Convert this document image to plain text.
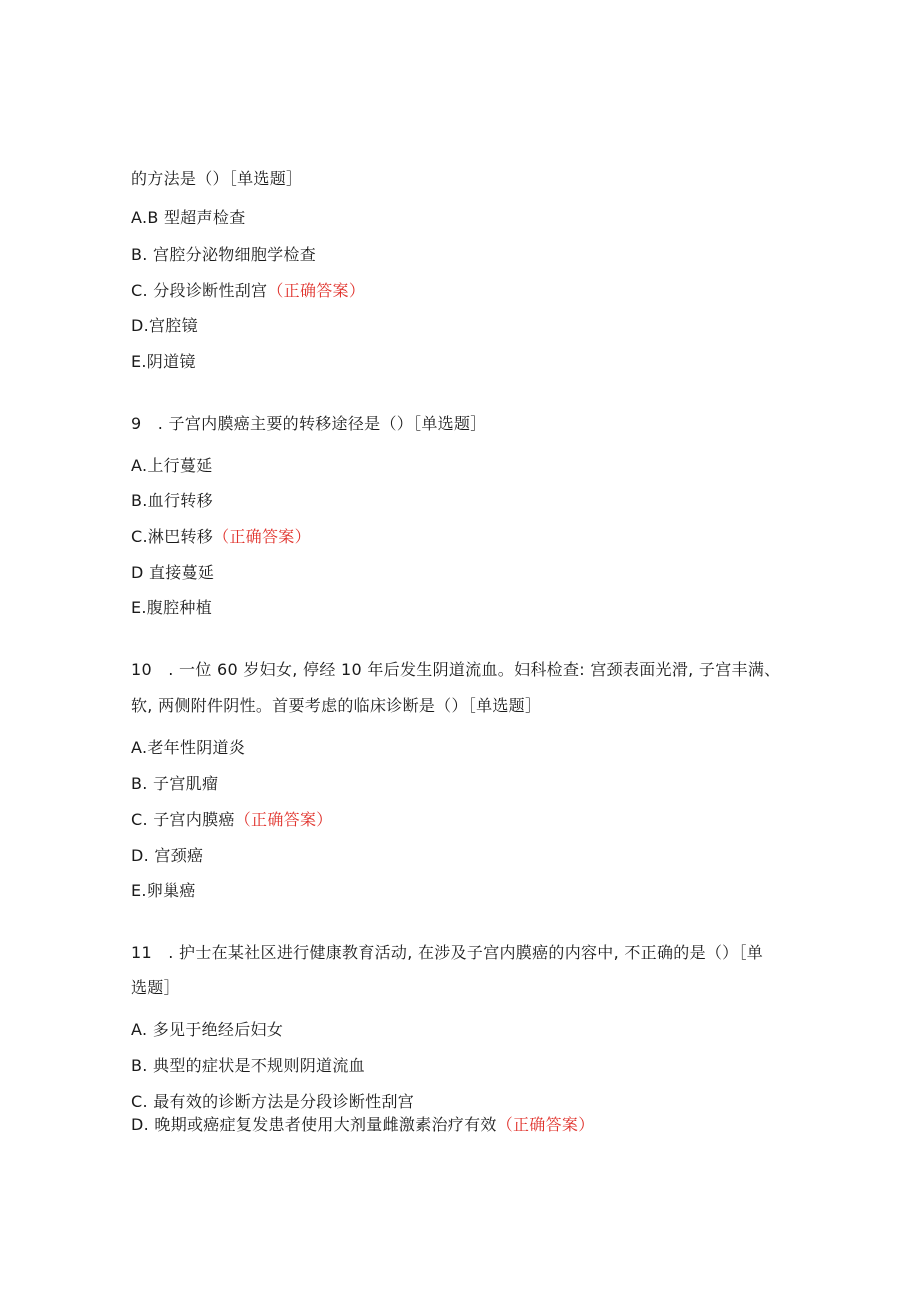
的方法是（）［单选题］
A.B 型超声检查
B. 宫腔分泌物细胞学检查
C. 分段诊断性刮宫（正确答案）
D.宫腔镜
E.阴道镜
9　. 子宫内膜癌主要的转移途径是（）［单选题］
A.上行蔓延
B.血行转移
C.淋巴转移（正确答案）
D 直接蔓延
E.腹腔种植
10　. 一位 60 岁妇女, 停经 10 年后发生阴道流血。妇科检查: 宫颈表面光滑, 子宫丰满、
软, 两侧附件阴性。首要考虑的临床诊断是（）［单选题］
A.老年性阴道炎
B. 子宫肌瘤
C. 子宫内膜癌（正确答案）
D. 宫颈癌
E.卵巢癌
11　. 护士在某社区进行健康教育活动, 在涉及子宫内膜癌的内容中, 不正确的是（）［单
选题］
A. 多见于绝经后妇女
B. 典型的症状是不规则阴道流血
C. 最有效的诊断方法是分段诊断性刮宫
D. 晚期或癌症复发患者使用大剂量雌激素治疗有效（正确答案）
